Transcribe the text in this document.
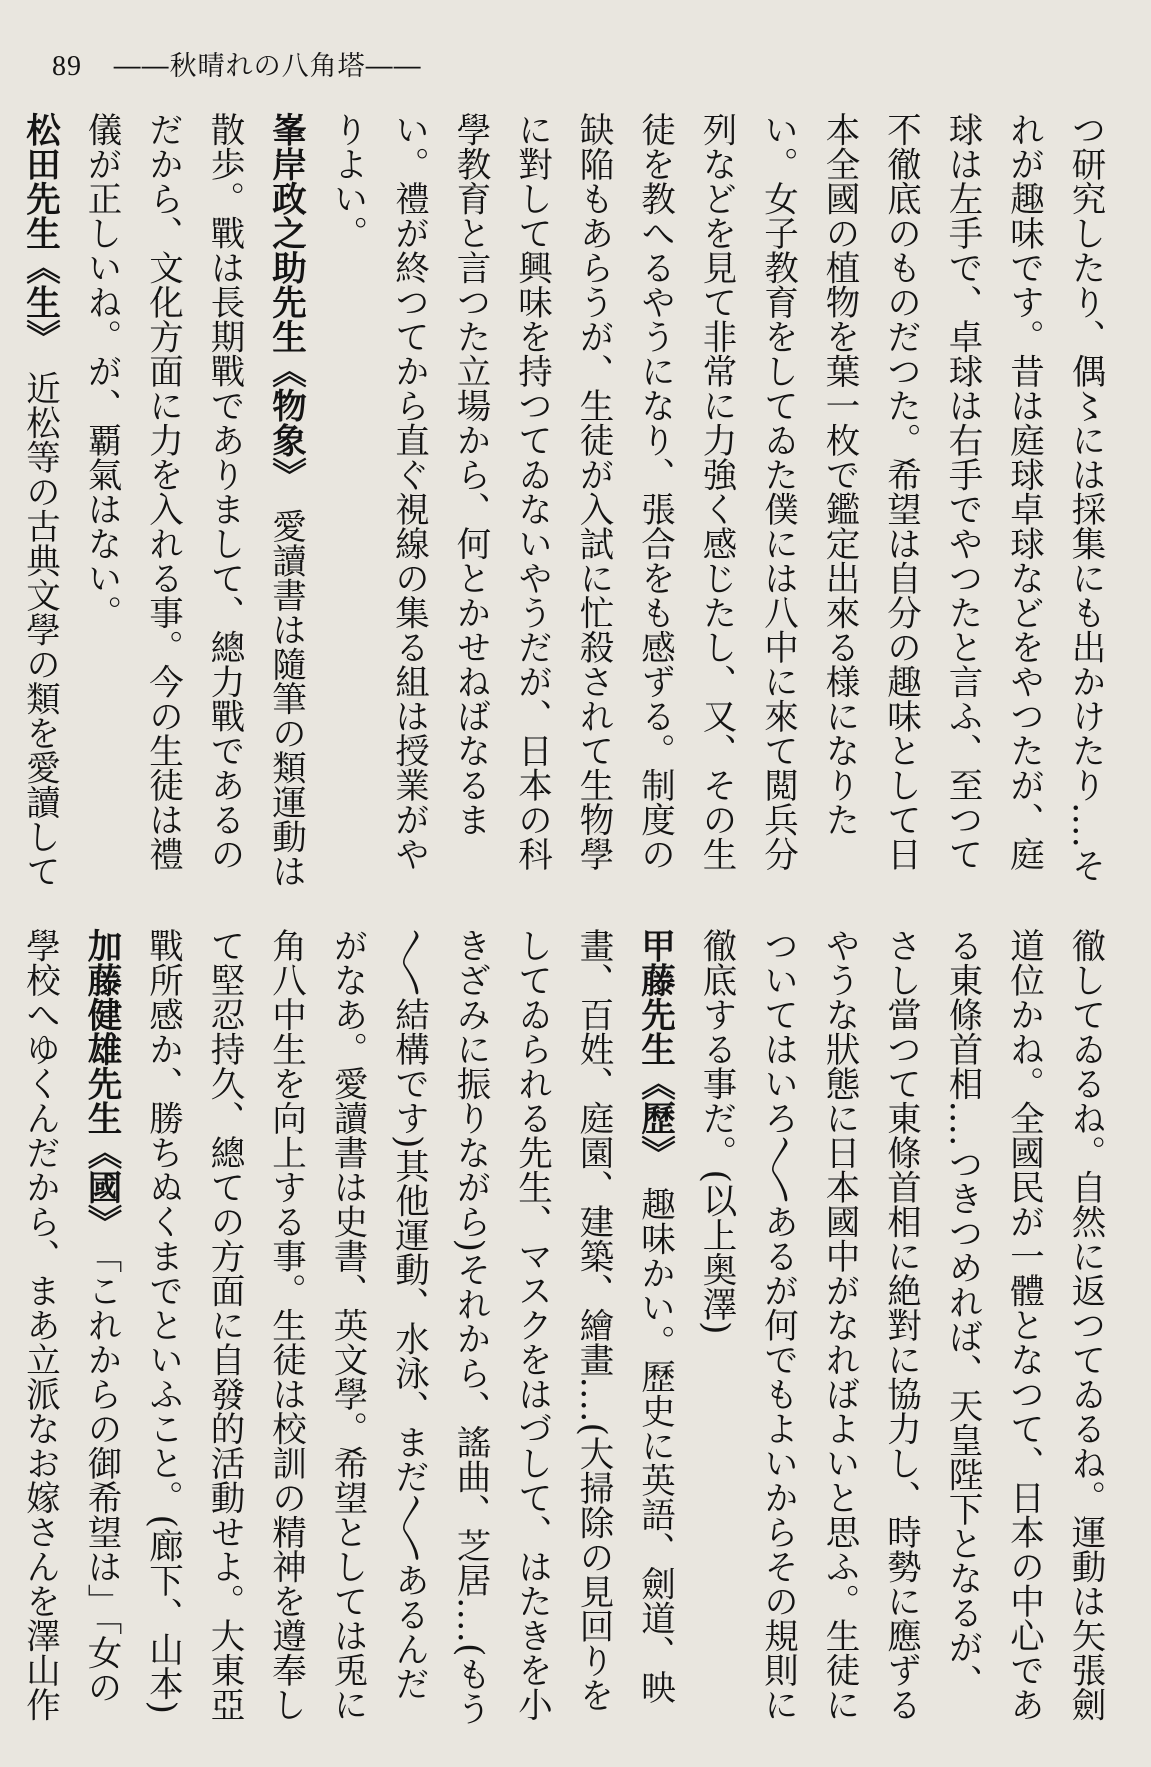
89 ――秋晴れの八角塔――

つ研究したり、偶〻には採集にも出かけたり‥‥それが趣味です。昔は庭球卓球などをやつたが、庭球は左手で、卓球は右手でやつたと言ふ、至つて不徹底のものだつた。希望は自分の趣味として日本全國の植物を葉一枚で鑑定出來る様になりたい。女子教育をしてゐた僕には八中に來て閲兵分列などを見て非常に力強く感じたし、又、その生徒を教へるやうになり、張合をも感ずる。制度の缺陥もあらうが、生徒が入試に忙殺されて生物學に對して興味を持つてゐないやうだが、日本の科學教育と言つた立場から、何とかせねばなるまい。禮が終つてから直ぐ視線の集る組は授業がやりよい。

峯岸政之助先生《物象》　愛讀書は隨筆の類運動は散歩。戰は長期戰でありまして、總力戰であるのだから、文化方面に力を入れる事。今の生徒は禮儀が正しいね。が、覇氣はない。

松田先生《生》　近松等の古典文學の類を愛讀して

徹してゐるね。自然に返つてゐるね。運動は矢張劍道位かね。全國民が一體となつて、日本の中心である東條首相‥‥つきつめれば、天皇陛下となるが、さし當つて東條首相に絶對に協力し、時勢に應ずるやうな狀態に日本國中がなればよいと思ふ。生徒についてはいろ〳〵あるが何でもよいからその規則に徹底する事だ。(以上奥澤)

甲藤先生《歷》　趣味かい。歷史に英語、劍道、映畫、百姓、庭園、建築、繪畫‥‥(大掃除の見回りをしてゐられる先生、マスクをはづして、はたきを小きざみに振りながら)それから、謠曲、芝居‥‥(もう〳〵結構です)其他運動、水泳、まだ〳〵あるんだがなあ。愛讀書は史書、英文學。希望としては兎に角八中生を向上する事。生徒は校訓の精神を遵奉して堅忍持久、總ての方面に自發的活動せよ。大東亞戰所感か、勝ちぬくまでといふこと。(廊下、山本)

加藤健雄先生《國》　「これからの御希望は」「女の學校へゆくんだから、まあ立派なお嫁さんを澤山作　
